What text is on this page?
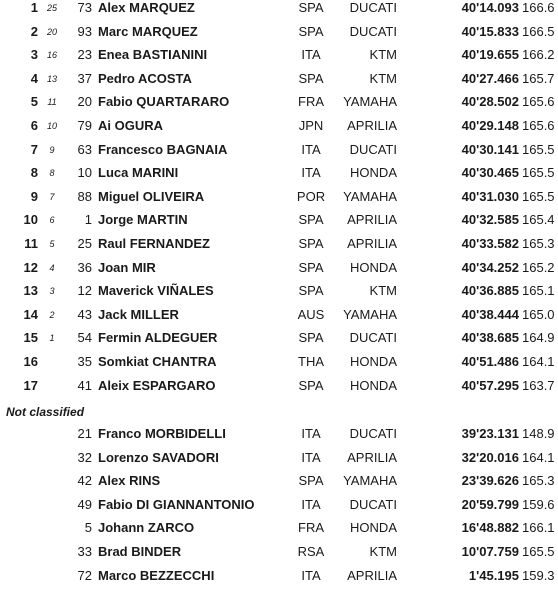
1 25	73 Alex MARQUEZ	SPA	DUCATI	40'14.093 166.6
2 20	93 Marc MARQUEZ	SPA	DUCATI	40'15.833 166.5
3 16	23 Enea BASTIANINI	ITA	KTM	40'19.655 166.2
4 13	37 Pedro ACOSTA	SPA	KTM	40'27.466 165.7
5	11	20 Fabio QUARTARARO	FRA	YAMAHA	40'28.502 165.6
6 10	79 Ai OGURA	JPN	APRILIA	40'29.148 165.6
7	9	63 Francesco BAGNAIA	ITA	DUCATI	40'30.141 165.5
8	8	10 Luca MARINI	ITA	HONDA	40'30.465 165.5
9	7	88 Miguel OLIVEIRA	POR	YAMAHA	40'31.030 165.5
10	6	1 Jorge MARTIN	SPA	APRILIA	40'32.585 165.4
11	5	25 Raul FERNANDEZ	SPA	APRILIA	40'33.582 165.3
12	4	36 Joan MIR	SPA	HONDA	40'34.252 165.2
13	3	12 Maverick VIÑALES	SPA	KTM	40'36.885 165.1
14	2	43 Jack MILLER	AUS	YAMAHA	40'38.444 165.0
15	1	54 Fermin ALDEGUER	SPA	DUCATI	40'38.685 164.9
16	35 Somkiat CHANTRA	THA	HONDA	40'51.486 164.1
17	41 Aleix ESPARGARO	SPA	HONDA	40'57.295 163.7
Not classified
21 Franco MORBIDELLI	ITA	DUCATI	39'23.131 148.9
32 Lorenzo SAVADORI	ITA	APRILIA	32'20.016 164.1
42 Alex RINS	SPA	YAMAHA	23'39.626 165.3
49 Fabio DI GIANNANTONIO	ITA	DUCATI	20'59.799 159.6
5 Johann ZARCO	FRA	HONDA	16'48.882 166.1
33 Brad BINDER	RSA	KTM	10'07.759 165.5
72 Marco BEZZECCHI	ITA	APRILIA	1'45.195 159.3
